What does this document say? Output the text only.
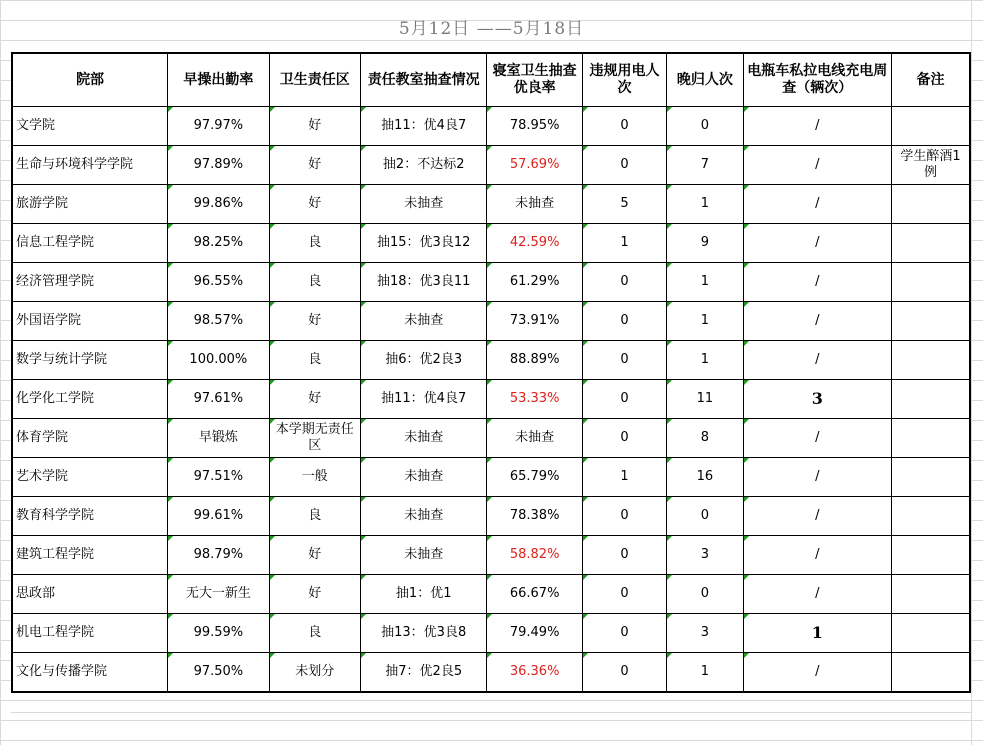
5月12日 ——5月18日
院部	早操出勤率	卫生责任区	责任教室抽查情况	寝室卫生抽查优良率	违规用电人次	晚归人次	电瓶车私拉电线充电周查（辆次）	备注
文学院	97.97%	好	抽11：优4良7	78.95%	0	0	/	
生命与环境科学学院	97.89%	好	抽2：不达标2	57.69%	0	7	/	学生醉酒1例
旅游学院	99.86%	好	未抽查	未抽查	5	1	/	
信息工程学院	98.25%	良	抽15：优3良12	42.59%	1	9	/	
经济管理学院	96.55%	良	抽18：优3良11	61.29%	0	1	/	
外国语学院	98.57%	好	未抽查	73.91%	0	1	/	
数学与统计学院	100.00%	良	抽6：优2良3	88.89%	0	1	/	
化学化工学院	97.61%	好	抽11：优4良7	53.33%	0	11	3	
体育学院	早锻炼	本学期无责任区	未抽查	未抽查	0	8	/	
艺术学院	97.51%	一般	未抽查	65.79%	1	16	/	
教育科学学院	99.61%	良	未抽查	78.38%	0	0	/	
建筑工程学院	98.79%	好	未抽查	58.82%	0	3	/	
思政部	无大一新生	好	抽1：优1	66.67%	0	0	/	
机电工程学院	99.59%	良	抽13：优3良8	79.49%	0	3	1	
文化与传播学院	97.50%	未划分	抽7：优2良5	36.36%	0	1	/	
